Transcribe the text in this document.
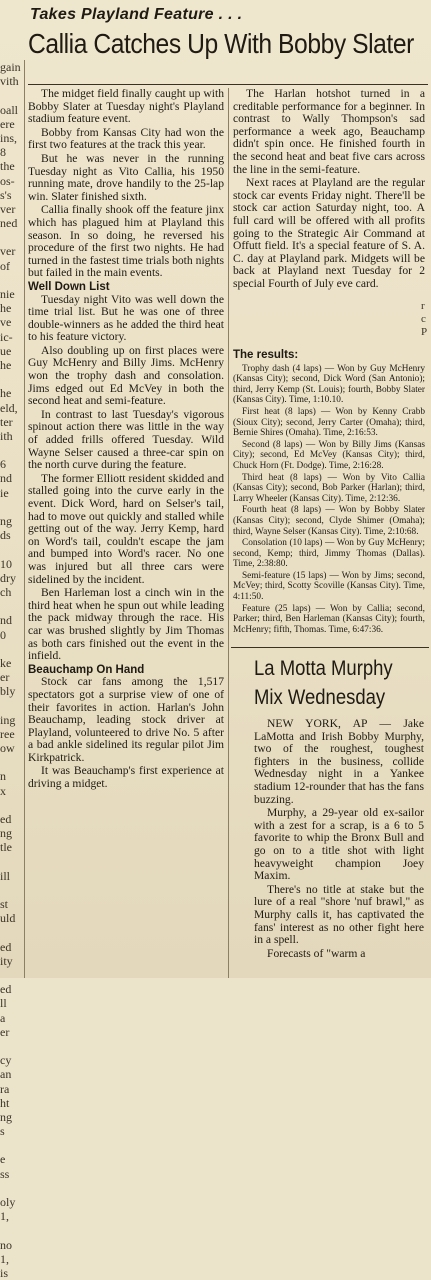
gain
vith
oall
ere
ins,
8
the
os-
s's
ver
ned
ver
of
nie
he
ve
ic-
ue
he
he
eld,
ter
ith
6
nd
ie
ng
ds
10
dry
ch
nd
0
ke
er
bly
ing
ree
ow
n
x
ed
ng
tle
ill
st
uld
ed
ity
ed
ll
a
er
cy
an
ra
ht
ng
s
e
ss
oly
1,
no
1,
is
Takes Playland Feature . . .
Callia Catches Up With Bobby Slater

The midget field finally caught up with Bobby Slater at Tuesday night's Playland stadium feature event.

Bobby from Kansas City had won the first two features at the track this year.

But he was never in the running Tuesday night as Vito Callia, his 1950 running mate, drove handily to the 25-lap win. Slater finished sixth.

Callia finally shook off the feature jinx which has plagued him at Playland this season. In so doing, he reversed his procedure of the first two nights. He had turned in the fastest time trials both nights but failed in the main events.

Well Down List

Tuesday night Vito was well down the time trial list. But he was one of three double-winners as he added the third heat to his feature victory.

Also doubling up on first places were Guy McHenry and Billy Jims. McHenry won the trophy dash and consolation. Jims edged out Ed McVey in both the second heat and semi-feature.

In contrast to last Tuesday's vigorous spinout action there was little in the way of added frills offered Tuesday. Wild Wayne Selser caused a three-car spin on the north curve during the feature.

The former Elliott resident skidded and stalled going into the curve early in the event. Dick Word, hard on Selser's tail, had to move out quickly and stalled while getting out of the way. Jerry Kemp, hard on Word's tail, couldn't escape the jam and bumped into Word's racer. No one was injured but all three cars were sidelined by the incident.

Ben Harleman lost a cinch win in the third heat when he spun out while leading the pack midway through the race. His car was brushed slightly by Jim Thomas as both cars finished out the event in the infield.

Beauchamp On Hand

Stock car fans among the 1,517 spectators got a surprise view of one of their favorites in action. Harlan's John Beauchamp, leading stock driver at Playland, volunteered to drive No. 5 after a bad ankle sidelined its regular pilot Jim Kirkpatrick.

It was Beauchamp's first experience at driving a midget.

The Harlan hotshot turned in a creditable performance for a beginner. In contrast to Wally Thompson's sad performance a week ago, Beauchamp didn't spin once. He finished fourth in the second heat and beat five cars across the line in the semi-feature.

Next races at Playland are the regular stock car events Friday night. There'll be stock car action Saturday night, too. A full card will be offered with all profits going to the Strategic Air Command at Offutt field. It's a special feature of S. A. C. day at Playland park. Midgets will be back at Playland next Tuesday for 2 special Fourth of July eve card.

The results:

Trophy dash (4 laps) — Won by Guy McHenry (Kansas City); second, Dick Word (San Antonio); third, Jerry Kemp (St. Louis); fourth, Bobby Slater (Kansas City). Time, 1:10.10.

First heat (8 laps) — Won by Kenny Crabb (Sioux City); second, Jerry Carter (Omaha); third, Bernie Shires (Omaha). Time, 2:16:53.

Second (8 laps) — Won by Billy Jims (Kansas City); second, Ed McVey (Kansas City); third, Chuck Horn (Ft. Dodge). Time, 2:16:28.

Third heat (8 laps) — Won by Vito Callia (Kansas City); second, Bob Parker (Harlan); third, Larry Wheeler (Kansas City). Time, 2:12:36.

Fourth heat (8 laps) — Won by Bobby Slater (Kansas City); second, Clyde Shimer (Omaha); third, Wayne Selser (Kansas City). Time, 2:10:68.

Consolation (10 laps) — Won by Guy McHenry; second, Kemp; third, Jimmy Thomas (Dallas). Time, 2:38:80.

Semi-feature (15 laps) — Won by Jims; second, McVey; third, Scotty Scoville (Kansas City). Time, 4:11:50.

Feature (25 laps) — Won by Callia; second, Parker; third, Ben Harleman (Kansas City); fourth, McHenry; fifth, Thomas. Time, 6:47:36.

La Motta Murphy Mix Wednesday

NEW YORK, AP — Jake LaMotta and Irish Bobby Murphy, two of the roughest, toughest fighters in the business, collide Wednesday night in a Yankee stadium 12-rounder that has the fans buzzing.

Murphy, a 29-year old ex-sailor with a zest for a scrap, is a 6 to 5 favorite to whip the Bronx Bull and go on to a title shot with light heavyweight champion Joey Maxim.

There's no title at stake but the lure of a real "shore 'nuf brawl," as Murphy calls it, has captivated the fans' interest as no other fight here in a spell.

Forecasts of "warm a

r
c
P
